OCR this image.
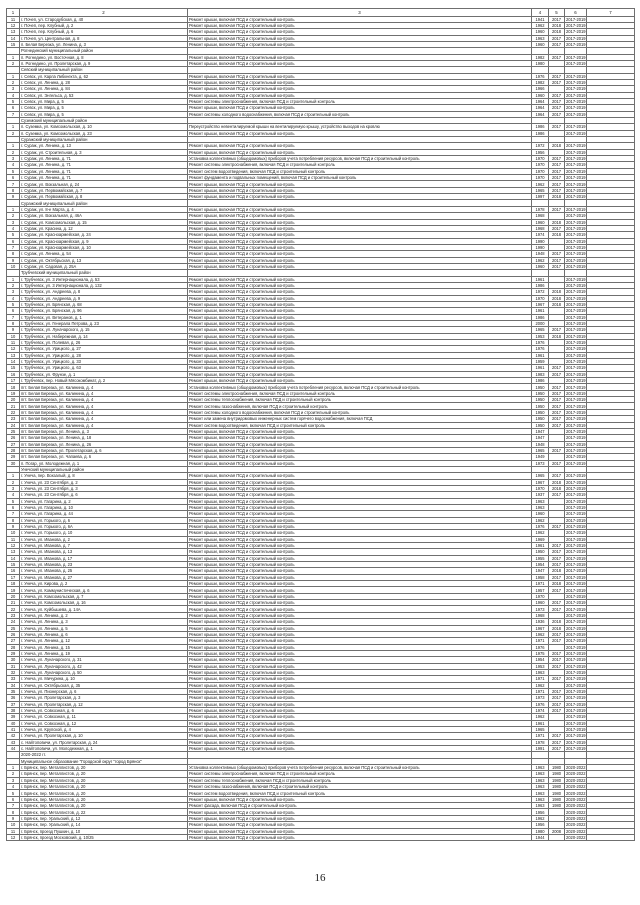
1	2	3	4	5	6	7
11	г. Почеп, ул. Стародубская, д. 40	Ремонт крыши, включая ПСД и строительный контроль	1941	2017	2017-2019	
12	г. Почеп, пер. Клубный, д. 2	Ремонт крыши, включая ПСД и строительный контроль	1962	2018	2017-2019	
13	г. Почеп, пер. Клубный, д. 6	Ремонт крыши, включая ПСД и строительный контроль	1960	2018	2017-2019	
14	г. Почеп, ул. Центральная, д. 8	Ремонт крыши, включая ПСД и строительный контроль	1963	2017	2017-2019	
15	п. Белая Березка, ул. Ленина, д. 3	Ремонт крыши, включая ПСД и строительный контроль	1960	2017	2017-2019	
	Рогнединский муниципальный район					
1	п. Рогнедино, ул. Восточная, д. 8	Ремонт крыши, включая ПСД и строительный контроль	1982	2017	2017-2019	
2	п. Рогнедино, ул. Пролетарская, д. 9	Ремонт крыши, включая ПСД и строительный контроль	1980		2017-2019	
	Севский муниципальный район					
1	г. Севск, ул. Карла Либкнехта, д. 62	Ремонт крыши, включая ПСД и строительный контроль	1976	2017	2017-2019	
2	г. Севск, ул. Ленина, д. 28	Ремонт крыши, включая ПСД и строительный контроль	1982	2017	2017-2019	
3	г. Севск, ул. Ленина, д. 84	Ремонт крыши, включая ПСД и строительный контроль	1966		2017-2019	
4	г. Севск, ул. Энгельса, д. 53	Ремонт крыши, включая ПСД и строительный контроль	1960	2017	2017-2019	
5	г. Севск, ул. Мира, д. 5	Ремонт системы электроснабжения, включая ПСД и строительный контроль	1964	2017	2017-2019	
6	г. Севск, ул. Мира, д. 5	Ремонт крыши, включая ПСД и строительный контроль	1964	2017	2017-2019	
7	г. Севск, ул. Мира, д. 5	Ремонт системы холодного водоснабжения, включая ПСД и строительный контроль	1964	2017	2017-2019	
	Суземский муниципальный район					
1	п. Суземка, ул. Комсомольская, д. 10	Переустройство невентилируемой крыши на вентилируемую крышу, устройство выходов на кровлю	1986	2017	2017-2019	
2	п. Суземка, ул. Комсомольская, д. 23	Ремонт крыши, включая ПСД и строительный контроль	1986		2017-2019	
	Суражский муниципальный район					
1	г. Сураж, ул. Ленина, д. 13	Ремонт крыши, включая ПСД и строительный контроль	1972	2018	2017-2019	
2	г. Сураж, ул. Строительная, д. 3	Ремонт крыши, включая ПСД и строительный контроль	1956		2017-2019	
3	г. Сураж, ул. Ленина, д. 71	Установка коллективных (общедомовых) приборов учета потребления ресурсов, включая ПСД и строительный контроль	1970	2017	2017-2019	
4	г. Сураж, ул. Ленина, д. 71	Ремонт системы электроснабжения, включая ПСД и строительный контроль	1970	2017	2017-2019	
5	г. Сураж, ул. Ленина, д. 71	Ремонт систем водоотведения, включая ПСД и строительный контроль	1970	2017	2017-2019	
6	г. Сураж, ул. Ленина, д. 71	Ремонт фундамента и подвальных помещений, включая ПСД и строительный контроль	1970	2017	2017-2019	
7	г. Сураж, ул. Вокзальная, д. 24	Ремонт крыши, включая ПСД и строительный контроль	1962	2017	2017-2019	
8	г. Сураж, ул. Первомайская, д. 7	Ремонт крыши, включая ПСД и строительный контроль	1965	2017	2017-2019	
9	г. Сураж, ул. Первомайская, д. 8	Ремонт крыши, включая ПСД и строительный контроль	1997	2018	2017-2019	
	Суражский муниципальный район					
1	г. Сураж, ул. 8-е Марта, д. 4	Ремонт крыши, включая ПСД и строительный контроль	1978	2017	2017-2019	
2	г. Сураж, ул. Вокзальная, д. 46А	Ремонт крыши, включая ПСД и строительный контроль	1968		2017-2019	
3	г. Сураж, ул. Комсомольская, д. 15	Ремонт крыши, включая ПСД и строительный контроль	1960	2018	2017-2019	
4	г. Сураж, ул. Красина, д. 12	Ремонт крыши, включая ПСД и строительный контроль	1968	2017	2017-2019	
5	г. Сураж, ул. Красноармейская, д. 24	Ремонт крыши, включая ПСД и строительный контроль	1974	2018	2017-2019	
6	г. Сураж, ул. Красноармейская, д. 9	Ремонт крыши, включая ПСД и строительный контроль	1990		2017-2019	
7	г. Сураж, ул. Красноармейская, д. 10	Ремонт крыши, включая ПСД и строительный контроль	1990		2017-2019	
8	г. Сураж, ул. Ленина, д. 54	Ремонт крыши, включая ПСД и строительный контроль	1948	2017	2017-2019	
9	г. Сураж, ул. Октябрьская, д. 13	Ремонт крыши, включая ПСД и строительный контроль	1962	2017	2017-2019	
10	г. Сураж, ул. Садовая, д. 25А	Ремонт крыши, включая ПСД и строительный контроль	1960	2017	2017-2019	
	Трубчевский муниципальный район					
1	г. Трубчевск, ул. 3 Интернационала, д. 53	Ремонт крыши, включая ПСД и строительный контроль	1961		2017-2019	
2	г. Трубчевск, ул. 3 Интернационала, д. 132	Ремонт крыши, включая ПСД и строительный контроль	1986		2017-2019	
3	г. Трубчевск, ул. Андреева, д. 8	Ремонт крыши, включая ПСД и строительный контроль	1972	2018	2017-2019	
4	г. Трубчевск, ул. Андреева, д. 9	Ремонт крыши, включая ПСД и строительный контроль	1970	2018	2017-2019	
5	г. Трубчевск, ул. Брянская, д. 68	Ремонт крыши, включая ПСД и строительный контроль	1967	2018	2017-2019	
6	г. Трубчевск, ул. Брянская, д. 96	Ремонт крыши, включая ПСД и строительный контроль	1961		2017-2019	
7	г. Трубчевск, ул. Ветеранов, д. 1	Ремонт крыши, включая ПСД и строительный контроль	1986		2017-2019	
8	г. Трубчевск, ул. Генерала Петрова, д. 23	Ремонт крыши, включая ПСД и строительный контроль	2000		2017-2019	
9	г. Трубчевск, ул. Луначарского, д. 15	Ремонт крыши, включая ПСД и строительный контроль	1965	2017	2017-2019	
10	г. Трубчевск, ул. Набережная, д. 14	Ремонт крыши, включая ПСД и строительный контроль	1953	2018	2017-2019	
11	г. Трубчевск, ул. Полевая, д. 26	Ремонт крыши, включая ПСД и строительный контроль	1976		2017-2019	
12	г. Трубчевск, ул. Урицкого, д. 27	Ремонт крыши, включая ПСД и строительный контроль	1976		2017-2019	
13	г. Трубчевск, ул. Урицкого, д. 28	Ремонт крыши, включая ПСД и строительный контроль	1961		2017-2019	
14	г. Трубчевск, ул. Урицкого, д. 33	Ремонт крыши, включая ПСД и строительный контроль	1959		2017-2019	
15	г. Трубчевск, ул. Урицкого, д. 63	Ремонт крыши, включая ПСД и строительный контроль	1961	2017	2017-2019	
16	г. Трубчевск, ул. Фрунзе, д. 1	Ремонт крыши, включая ПСД и строительный контроль	1983	2017	2017-2019	
17	г. Трубчевск, пер. Новый Мясокомбинат, д. 2	Ремонт крыши, включая ПСД и строительный контроль	1986		2017-2019	
18	пгт. Белая Березка, ул. Калинина, д. 4	Установка коллективных (общедомовых) приборов учета потребления ресурсов, включая ПСД и строительный контроль	1950	2017	2017-2019	
19	пгт. Белая Березка, ул. Калинина, д. 4	Ремонт системы электроснабжения, включая ПСД и строительный контроль	1950	2017	2017-2019	
20	пгт. Белая Березка, ул. Калинина, д. 4	Ремонт системы теплоснабжения, включая ПСД и строительный контроль	1950	2017	2017-2019	
21	пгт. Белая Березка, ул. Калинина, д. 4	Ремонт системы газоснабжения, включая ПСД и строительный контроль	1950	2017	2017-2019	
22	пгт. Белая Березка, ул. Калинина, д. 4	Ремонт системы холодного водоснабжения, включая ПСД и строительный контроль	1950	2017	2017-2019	
23	пгт. Белая Березка, ул. Калинина, д. 4	Ремонт или замена внутридомовых инженерных систем горячего водоснабжения, включая ПСД	1950	2017	2017-2019	
24	пгт. Белая Березка, ул. Калинина, д. 4	Ремонт систем водоотведения, включая ПСД и строительный контроль	1950	2017	2017-2019	
25	пгт. Белая Березка, ул. Ленина, д. 3	Ремонт крыши, включая ПСД и строительный контроль	1947		2017-2019	
26	пгт. Белая Березка, ул. Ленина, д. 18	Ремонт крыши, включая ПСД и строительный контроль	1947		2017-2019	
27	пгт. Белая Березка, ул. Ленина, д. 26	Ремонт крыши, включая ПСД и строительный контроль	1948		2017-2019	
28	пгт. Белая Березка, ул. Пролетарская, д. 6	Ремонт крыши, включая ПСД и строительный контроль	1965	2017	2017-2019	
29	пгт. Белая Березка, ул. Чапаева, д. 6	Ремонт крыши, включая ПСД и строительный контроль	1949		2017-2019	
30	п. Погар, ул. Молодежная, д. 1	Ремонт крыши, включая ПСД и строительный контроль	1973	2017	2017-2019	
	Унечский муниципальный район					
1	г. Унеча, пер. Вокзалый, д. 8	Ремонт крыши, включая ПСД и строительный контроль	1965	2017	2017-2019	
2	г. Унеча, ул. 23 Сентября, д. 2	Ремонт крыши, включая ПСД и строительный контроль	1967	2018	2017-2019	
3	г. Унеча, ул. 23 Сентября, д. 3	Ремонт крыши, включая ПСД и строительный контроль	1970	2018	2017-2019	
4	г. Унеча, ул. 23 Сентября, д. 6	Ремонт крыши, включая ПСД и строительный контроль	1937	2017	2017-2019	
5	г. Унеча, ул. Гагарина, д. 2	Ремонт крыши, включая ПСД и строительный контроль	1963		2017-2019	
6	г. Унеча, ул. Гагарина, д. 10	Ремонт крыши, включая ПСД и строительный контроль	1963		2017-2019	
7	г. Унеча, ул. Гагарина, д. 44	Ремонт крыши, включая ПСД и строительный контроль	1960		2017-2019	
8	г. Унеча, ул. Горького, д. 6	Ремонт крыши, включая ПСД и строительный контроль	1962		2017-2019	
9	г. Унеча, ул. Горького, д. 6А	Ремонт крыши, включая ПСД и строительный контроль	1976	2017	2017-2019	
10	г. Унеча, ул. Горького, д. 10	Ремонт крыши, включая ПСД и строительный контроль	1962		2017-2019	
11	г. Унеча, ул. Иванова, д. 2	Ремонт крыши, включая ПСД и строительный контроль	1969		2017-2019	
12	г. Унеча, ул. Иванова, д. 7	Ремонт крыши, включая ПСД и строительный контроль	1961	2017	2017-2019	
13	г. Унеча, ул. Иванова, д. 13	Ремонт крыши, включая ПСД и строительный контроль	1950	2017	2017-2019	
14	г. Унеча, ул. Иванова, д. 17	Ремонт крыши, включая ПСД и строительный контроль	1955	2017	2017-2019	
15	г. Унеча, ул. Иванова, д. 23	Ремонт крыши, включая ПСД и строительный контроль	1954	2017	2017-2019	
16	г. Унеча, ул. Иванова, д. 25	Ремонт крыши, включая ПСД и строительный контроль	1947	2018	2017-2019	
17	г. Унеча, ул. Иванова, д. 27	Ремонт крыши, включая ПСД и строительный контроль	1958	2017	2017-2019	
18	г. Унеча, ул. Кирова, д. 2	Ремонт крыши, включая ПСД и строительный контроль	1971	2018	2017-2019	
19	г. Унеча, ул. Коммунистическая, д. 6	Ремонт крыши, включая ПСД и строительный контроль	1957	2017	2017-2019	
20	г. Унеча, ул. Комсомольская, д. 7	Ремонт крыши, включая ПСД и строительный контроль	1970		2017-2019	
21	г. Унеча, ул. Комсомольская, д. 16	Ремонт крыши, включая ПСД и строительный контроль	1960	2017	2017-2019	
22	г. Унеча, ул. Куйбышева, д. 14А	Ремонт крыши, включая ПСД и строительный контроль	1973	2017	2017-2019	
23	г. Унеча, ул. Ленина, д. 2	Ремонт крыши, включая ПСД и строительный контроль	1968		2017-2019	
24	г. Унеча, ул. Ленина, д. 3	Ремонт крыши, включая ПСД и строительный контроль	1936	2018	2017-2019	
25	г. Унеча, ул. Ленина, д. 5	Ремонт крыши, включая ПСД и строительный контроль	1967	2018	2017-2019	
26	г. Унеча, ул. Ленина, д. 6	Ремонт крыши, включая ПСД и строительный контроль	1962	2017	2017-2019	
27	г. Унеча, ул. Ленина, д. 12	Ремонт крыши, включая ПСД и строительный контроль	1971	2017	2017-2019	
28	г. Унеча, ул. Ленина, д. 15	Ремонт крыши, включая ПСД и строительный контроль	1976		2017-2019	
29	г. Унеча, ул. Ленина, д. 19	Ремонт крыши, включая ПСД и строительный контроль	1975	2017	2017-2019	
30	г. Унеча, ул. Луначарского, д. 31	Ремонт крыши, включая ПСД и строительный контроль	1954	2017	2017-2019	
31	г. Унеча, ул. Луначарского, д. 42	Ремонт крыши, включая ПСД и строительный контроль	1953	2017	2017-2019	
32	г. Унеча, ул. Луначарского, д. 50	Ремонт крыши, включая ПСД и строительный контроль	1963		2017-2019	
33	г. Унеча, ул. Мичурина, д. 10	Ремонт крыши, включая ПСД и строительный контроль	1971	2017	2017-2019	
34	г. Унеча, ул. Октябрьская, д. 35	Ремонт крыши, включая ПСД и строительный контроль	1962		2017-2019	
35	г. Унеча, ул. Пионерская, д. 6	Ремонт крыши, включая ПСД и строительный контроль	1971	2017	2017-2019	
36	г. Унеча, ул. Пролетарская, д. 3	Ремонт крыши, включая ПСД и строительный контроль	1973	2017	2017-2019	
37	г. Унеча, ул. Пролетарская, д. 12	Ремонт крыши, включая ПСД и строительный контроль	1976	2017	2017-2019	
38	г. Унеча, ул. Совхозная, д. 6	Ремонт крыши, включая ПСД и строительный контроль	1974	2017	2017-2019	
39	г. Унеча, ул. Совхозная, д. 11	Ремонт крыши, включая ПСД и строительный контроль	1962		2017-2019	
40	г. Унеча, ул. Совхозная, д. 12	Ремонт крыши, включая ПСД и строительный контроль	1961		2017-2019	
41	г. Унеча, ул. Крупской, д. 4	Ремонт крыши, включая ПСД и строительный контроль	1965		2017-2019	
42	г. Унеча, ул. Пролетарская, д. 10	Ремонт крыши, включая ПСД и строительный контроль	1971	2017	2017-2019	
43	с. Найтоповичи, ул. Пролетарская, д. 24	Ремонт крыши, включая ПСД и строительный контроль	1978	2017	2017-2019	
44	с. Найтоповичи, ул. Молодежная, д. 1	Ремонт крыши, включая ПСД и строительный контроль	1991	2017	2017-2019	
	2020-2022 гг.					
	Муниципальное образование "Городской округ "город Брянск"					
1	г. Брянск, пер. Металлистов, д. 20	Установка коллективных (общедомовых) приборов учета потребления ресурсов, включая ПСД и строительный контроль	1963	1980	2020-2022	
2	г. Брянск, пер. Металлистов, д. 20	Ремонт системы электроснабжения, включая ПСД и строительный контроль	1963	1980	2020-2022	
3	г. Брянск, пер. Металлистов, д. 20	Ремонт системы теплоснабжения, включая ПСД и строительный контроль	1963	1980	2020-2022	
4	г. Брянск, пер. Металлистов, д. 20	Ремонт системы газоснабжения, включая ПСД и строительный контроль	1963	1980	2020-2022	
5	г. Брянск, пер. Металлистов, д. 20	Ремонт систем водоотведения, включая ПСД и строительный контроль	1963	1980	2020-2022	
6	г. Брянск, пер. Металлистов, д. 20	Ремонт крыши, включая ПСД и строительный контроль	1963	1980	2020-2022	
7	г. Брянск, пер. Металлистов, д. 20	Ремонт фасада, включая ПСД и строительный контроль	1963	1980	2020-2022	
8	г. Брянск, пер. Металлистов, д. 22	Ремонт крыши, включая ПСД и строительный контроль	1956		2020-2022	
9	г. Брянск, пер. Уральский, д. 12	Ремонт крыши, включая ПСД и строительный контроль	1962		2020-2022	
10	г. Брянск, пер. Уральский, д. 14	Ремонт крыши, включая ПСД и строительный контроль	1956		2020-2022	
11	г. Брянск, проезд Пушкин, д. 10	Ремонт крыши, включая ПСД и строительный контроль	1980	2008	2020-2022	
12	г. Брянск, проезд Московский, д. 10/25	Ремонт крыши, включая ПСД и строительный контроль	1944		2020-2022	
16
